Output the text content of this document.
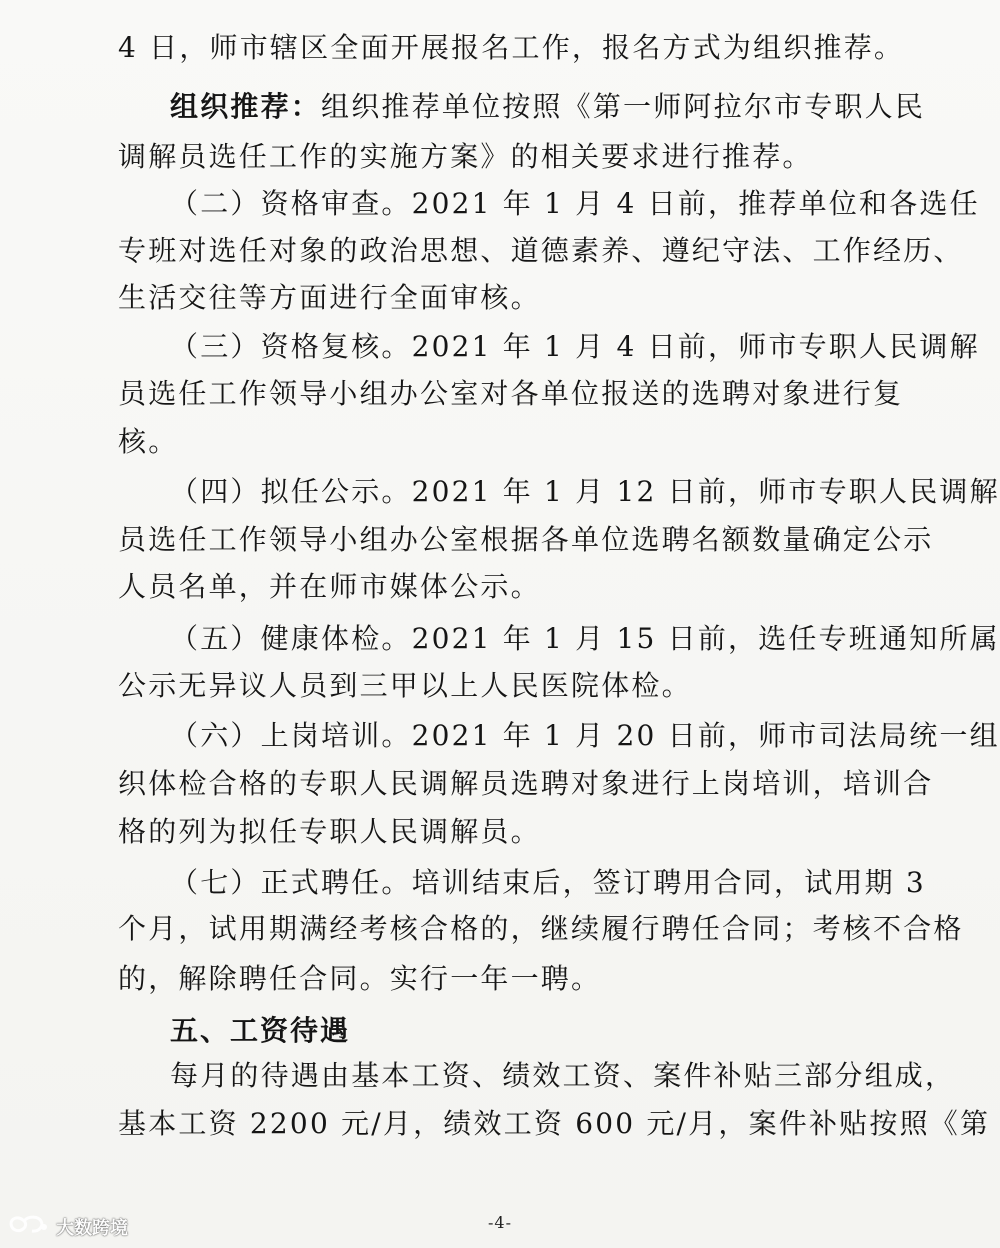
4 日，师市辖区全面开展报名工作，报名方式为组织推荐。
组织推荐：组织推荐单位按照《第一师阿拉尔市专职人民
调解员选任工作的实施方案》的相关要求进行推荐。
（二）资格审查。2021 年 1 月 4 日前，推荐单位和各选任
专班对选任对象的政治思想、道德素养、遵纪守法、工作经历、
生活交往等方面进行全面审核。
（三）资格复核。2021 年 1 月 4 日前，师市专职人民调解
员选任工作领导小组办公室对各单位报送的选聘对象进行复
核。
（四）拟任公示。2021 年 1 月 12 日前，师市专职人民调解
员选任工作领导小组办公室根据各单位选聘名额数量确定公示
人员名单，并在师市媒体公示。
（五）健康体检。2021 年 1 月 15 日前，选任专班通知所属
公示无异议人员到三甲以上人民医院体检。
（六）上岗培训。2021 年 1 月 20 日前，师市司法局统一组
织体检合格的专职人民调解员选聘对象进行上岗培训，培训合
格的列为拟任专职人民调解员。
（七）正式聘任。培训结束后，签订聘用合同，试用期 3
个月，试用期满经考核合格的，继续履行聘任合同；考核不合格
的，解除聘任合同。实行一年一聘。
五、工资待遇
每月的待遇由基本工资、绩效工资、案件补贴三部分组成，
基本工资 2200 元/月，绩效工资 600 元/月，案件补贴按照《第
-4-
大数跨境
